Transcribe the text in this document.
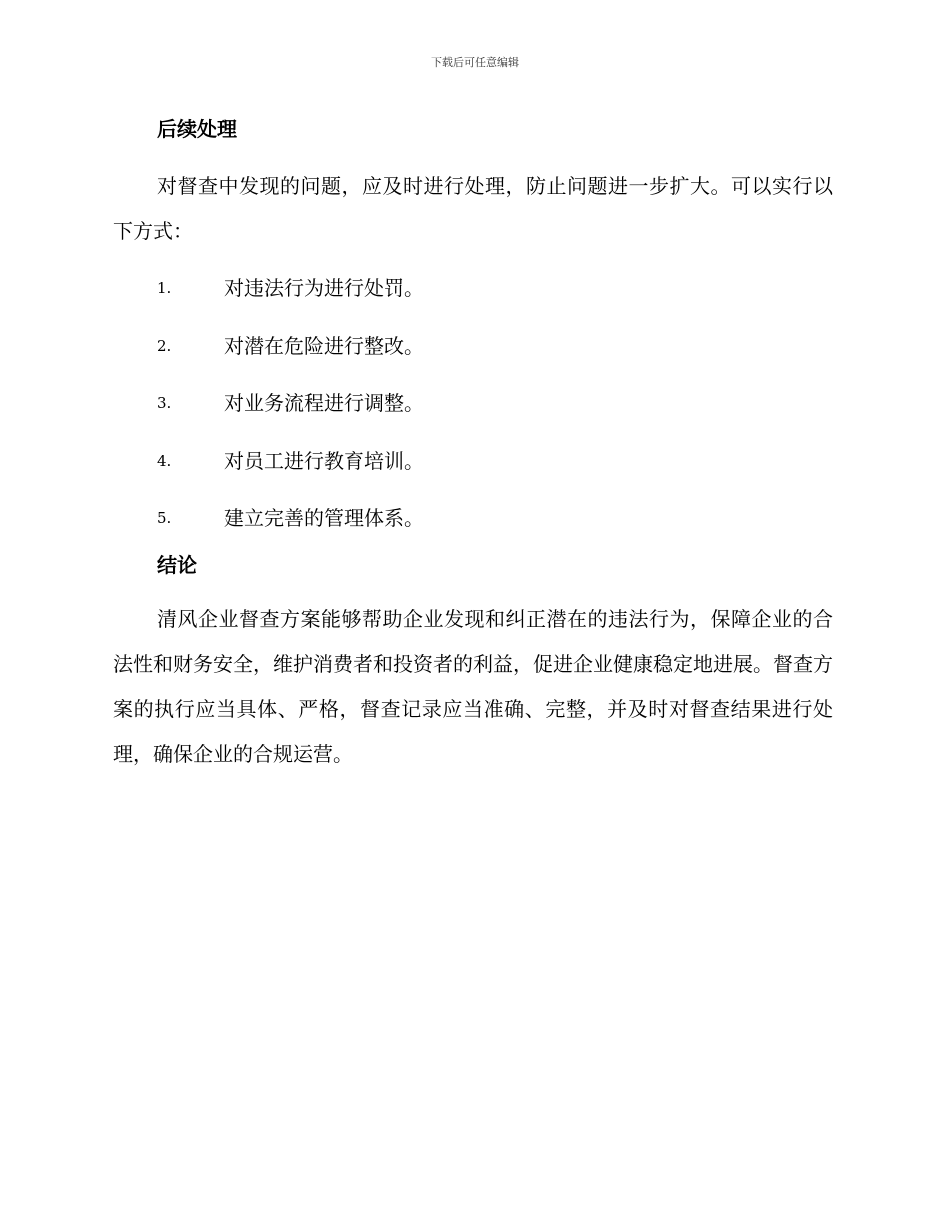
下载后可任意编辑
后续处理

对督查中发现的问题，应及时进行处理，防止问题进一步扩大。可以实行以下方式：

1.	对违法行为进行处罚。
2.	对潜在危险进行整改。
3.	对业务流程进行调整。
4.	对员工进行教育培训。
5.	建立完善的管理体系。
结论

清风企业督查方案能够帮助企业发现和纠正潜在的违法行为，保障企业的合法性和财务安全，维护消费者和投资者的利益，促进企业健康稳定地进展。督查方案的执行应当具体、严格，督查记录应当准确、完整，并及时对督查结果进行处理，确保企业的合规运营。
